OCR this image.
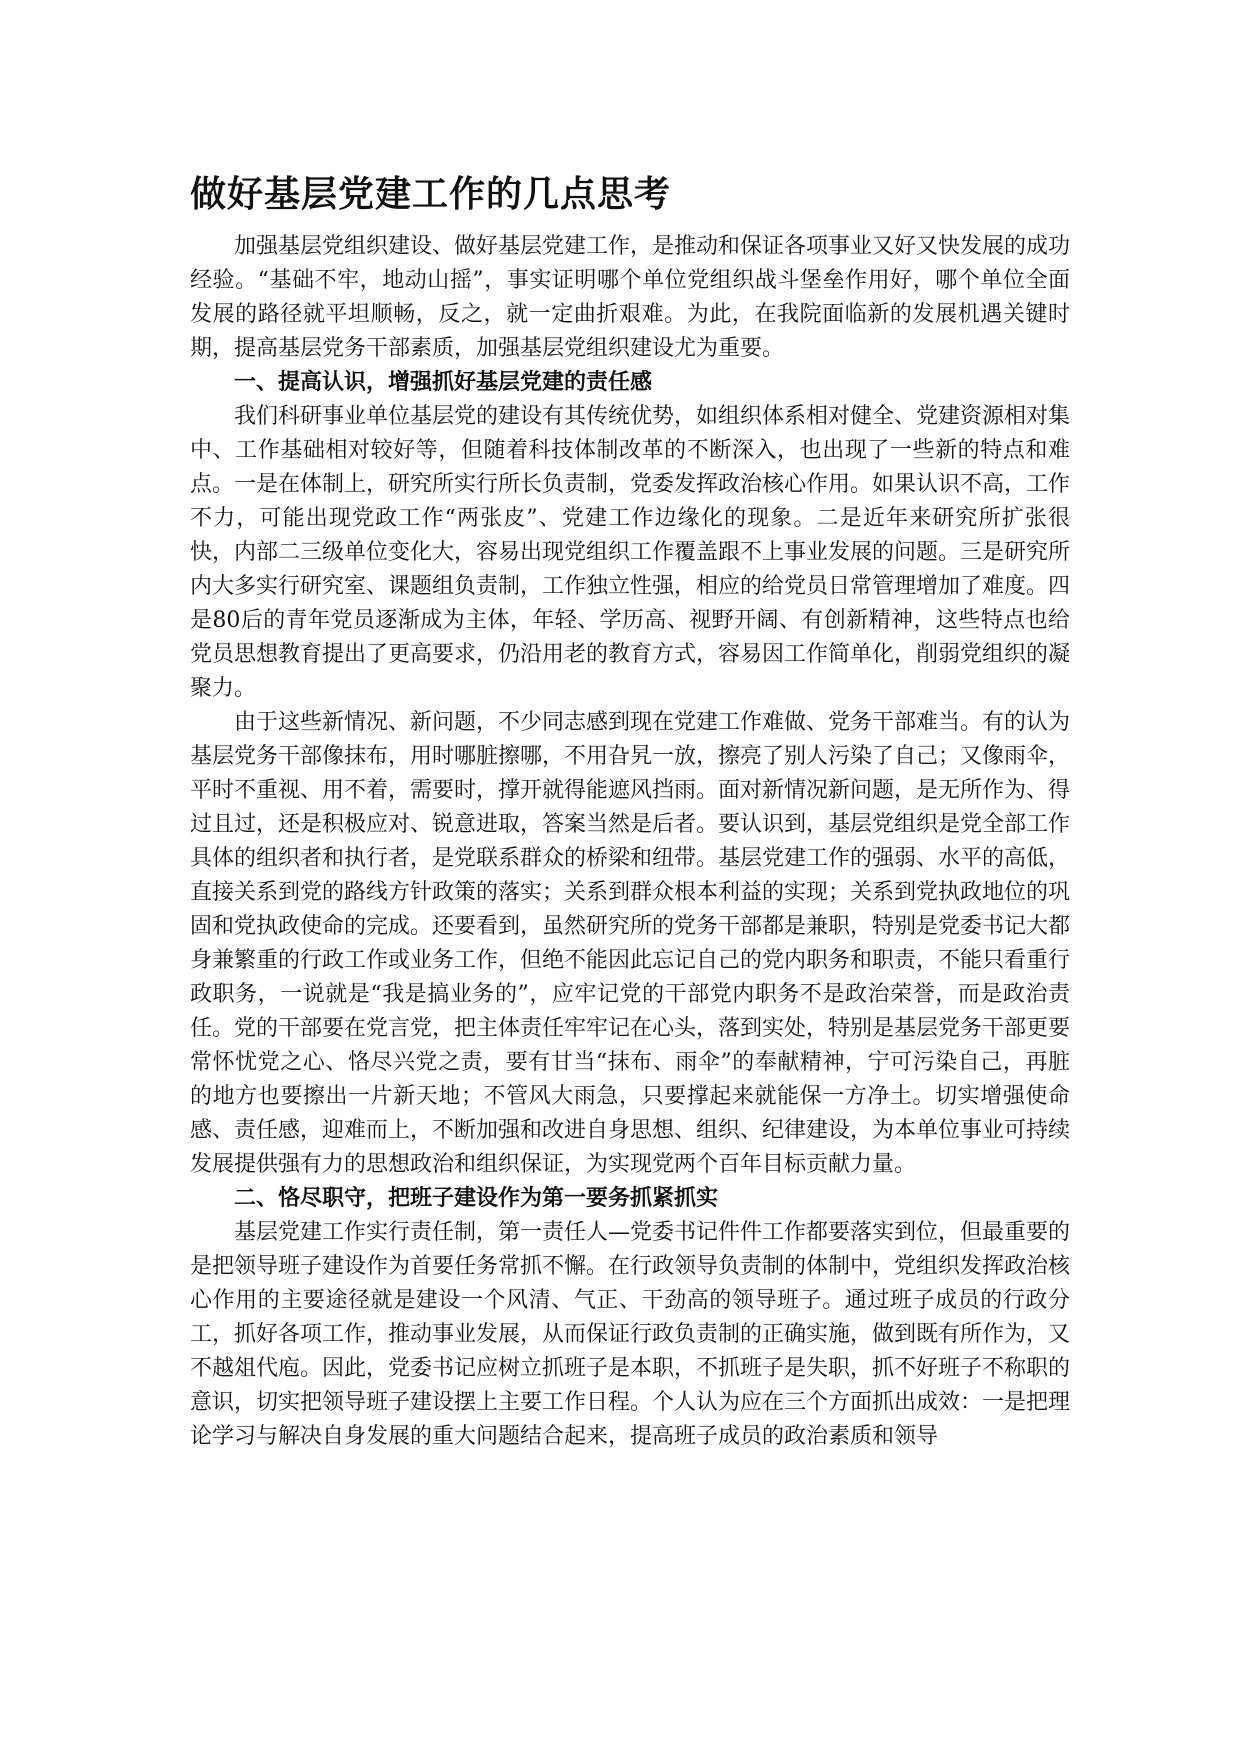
做好基层党建工作的几点思考

加强基层党组织建设、做好基层党建工作，是推动和保证各项事业又好又快发展的成功经验。“基础不牢，地动山摇”，事实证明哪个单位党组织战斗堡垒作用好，哪个单位全面发展的路径就平坦顺畅，反之，就一定曲折艰难。为此，在我院面临新的发展机遇关键时期，提高基层党务干部素质，加强基层党组织建设尤为重要。

一、提高认识，增强抓好基层党建的责任感

我们科研事业单位基层党的建设有其传统优势，如组织体系相对健全、党建资源相对集中、工作基础相对较好等，但随着科技体制改革的不断深入，也出现了一些新的特点和难点。一是在体制上，研究所实行所长负责制，党委发挥政治核心作用。如果认识不高，工作不力，可能出现党政工作“两张皮”、党建工作边缘化的现象。二是近年来研究所扩张很快，内部二三级单位变化大，容易出现党组织工作覆盖跟不上事业发展的问题。三是研究所内大多实行研究室、课题组负责制，工作独立性强，相应的给党员日常管理增加了难度。四是80后的青年党员逐渐成为主体，年轻、学历高、视野开阔、有创新精神，这些特点也给党员思想教育提出了更高要求，仍沿用老的教育方式，容易因工作简单化，削弱党组织的凝聚力。

由于这些新情况、新问题，不少同志感到现在党建工作难做、党务干部难当。有的认为基层党务干部像抹布，用时哪脏擦哪，不用旮旯一放，擦亮了别人污染了自己；又像雨伞，平时不重视、用不着，需要时，撑开就得能遮风挡雨。面对新情况新问题，是无所作为、得过且过，还是积极应对、锐意进取，答案当然是后者。要认识到，基层党组织是党全部工作具体的组织者和执行者，是党联系群众的桥梁和纽带。基层党建工作的强弱、水平的高低，直接关系到党的路线方针政策的落实；关系到群众根本利益的实现；关系到党执政地位的巩固和党执政使命的完成。还要看到，虽然研究所的党务干部都是兼职，特别是党委书记大都身兼繁重的行政工作或业务工作，但绝不能因此忘记自己的党内职务和职责，不能只看重行政职务，一说就是“我是搞业务的”，应牢记党的干部党内职务不是政治荣誉，而是政治责任。党的干部要在党言党，把主体责任牢牢记在心头，落到实处，特别是基层党务干部更要常怀忧党之心、恪尽兴党之责，要有甘当“抹布、雨伞”的奉献精神，宁可污染自己，再脏的地方也要擦出一片新天地；不管风大雨急，只要撑起来就能保一方净土。切实增强使命感、责任感，迎难而上，不断加强和改进自身思想、组织、纪律建设，为本单位事业可持续发展提供强有力的思想政治和组织保证，为实现党两个百年目标贡献力量。

二、恪尽职守，把班子建设作为第一要务抓紧抓实

基层党建工作实行责任制，第一责任人—党委书记件件工作都要落实到位，但最重要的是把领导班子建设作为首要任务常抓不懈。在行政领导负责制的体制中，党组织发挥政治核心作用的主要途径就是建设一个风清、气正、干劲高的领导班子。通过班子成员的行政分工，抓好各项工作，推动事业发展，从而保证行政负责制的正确实施，做到既有所作为，又不越俎代庖。因此，党委书记应树立抓班子是本职，不抓班子是失职，抓不好班子不称职的意识，切实把领导班子建设摆上主要工作日程。个人认为应在三个方面抓出成效：一是把理论学习与解决自身发展的重大问题结合起来，提高班子成员的政治素质和领导
